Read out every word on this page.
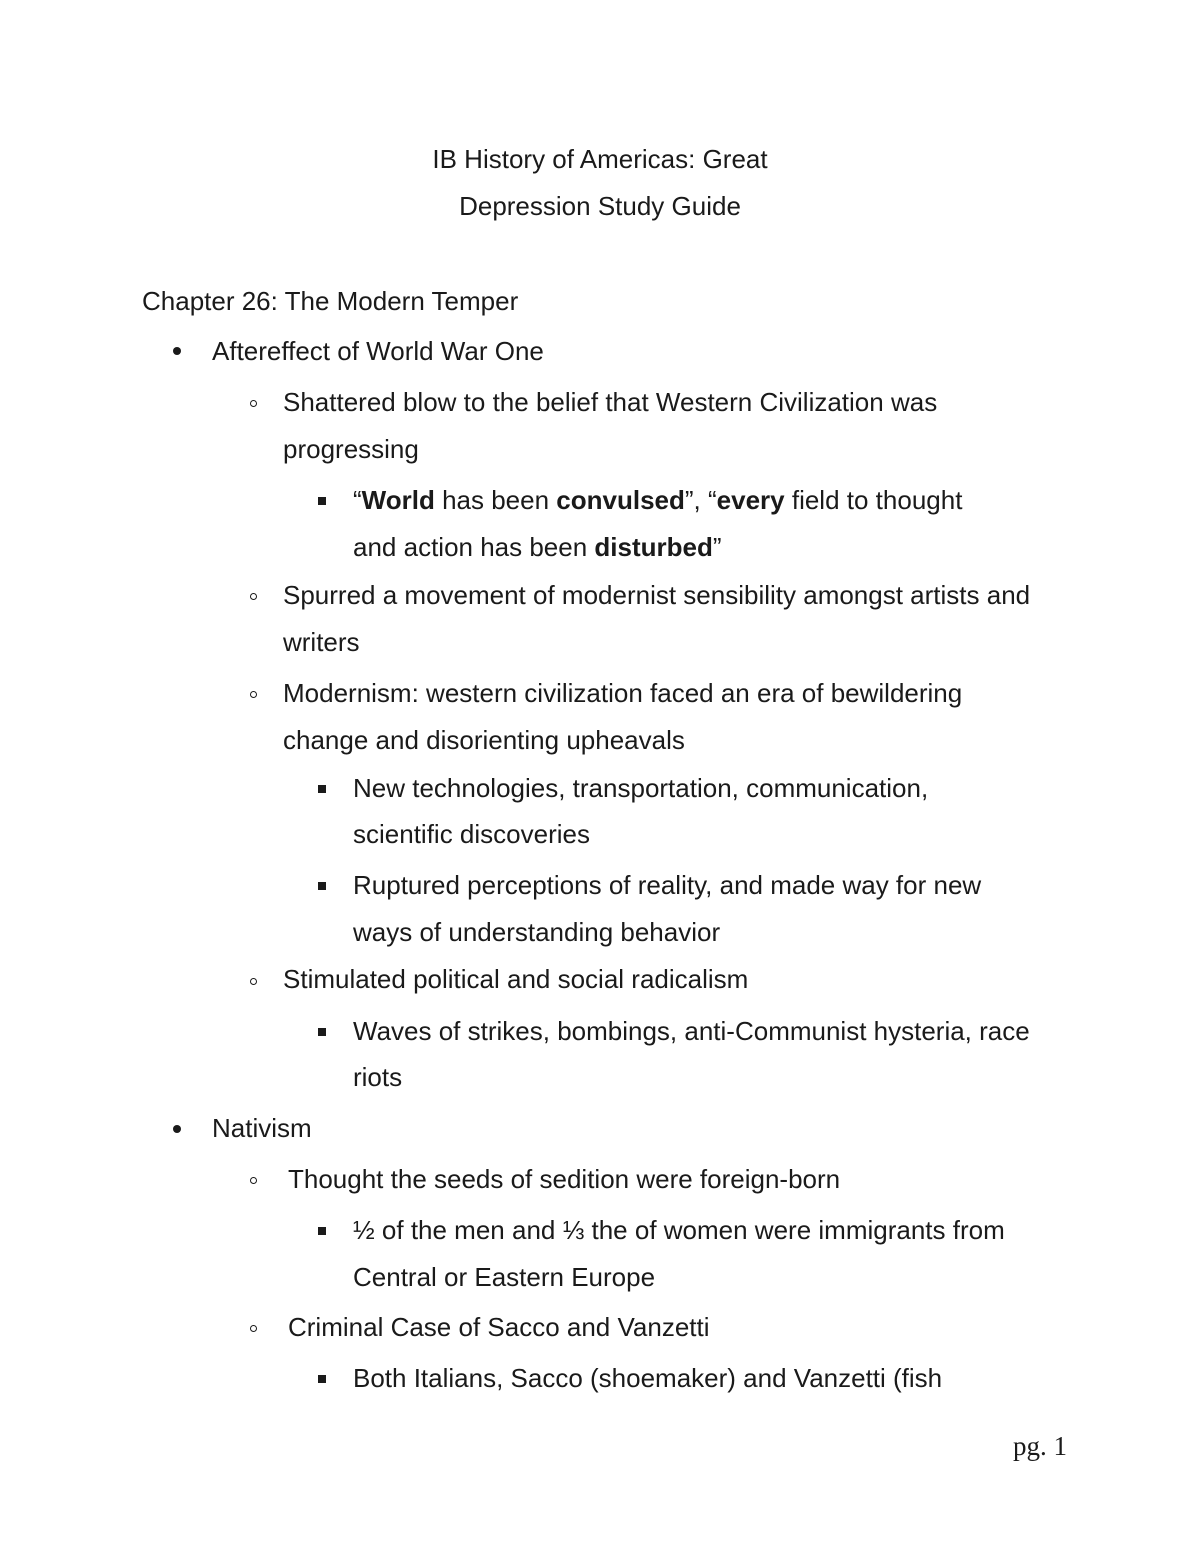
IB History of Americas: Great
Depression Study Guide
Chapter 26: The Modern Temper
Aftereffect of World War One
Shattered blow to the belief that Western Civilization was
progressing
“World has been convulsed”, “every field to thought
and action has been disturbed”
Spurred a movement of modernist sensibility amongst artists and
writers
Modernism: western civilization faced an era of bewildering
change and disorienting upheavals
New technologies, transportation, communication,
scientific discoveries
Ruptured perceptions of reality, and made way for new
ways of understanding behavior
Stimulated political and social radicalism
Waves of strikes, bombings, anti-Communist hysteria, race
riots
Nativism
Thought the seeds of sedition were foreign-born
½ of the men and ⅓ the of women were immigrants from
Central or Eastern Europe
Criminal Case of Sacco and Vanzetti
Both Italians, Sacco (shoemaker) and Vanzetti (fish
pg. 1
